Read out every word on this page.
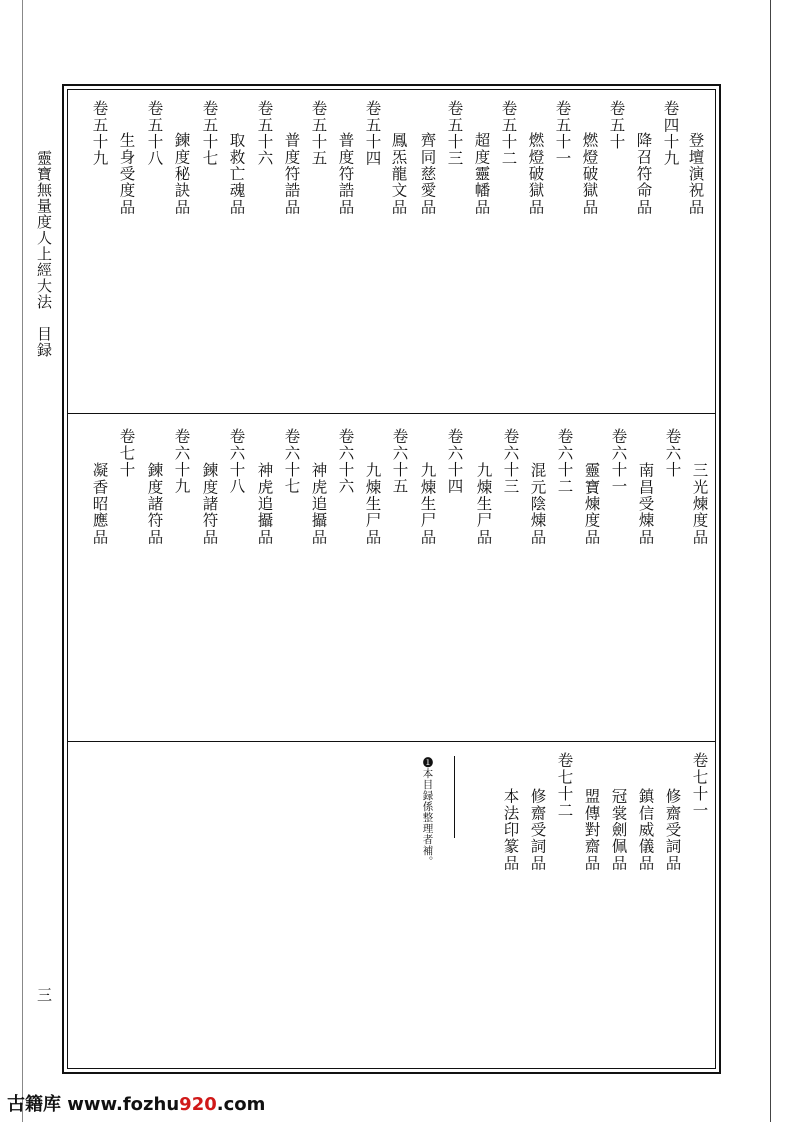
靈寶無量度人上經大法　目録
三
登壇演祝品
卷四十九
降召符命品
卷五十
燃燈破獄品
卷五十一
燃燈破獄品
卷五十二
超度靈幡品
卷五十三
齊同慈愛品
卷五十四 鳳炁龍文品
卷五十五 普度符誥品
卷五十六 普度符誥品
卷五十七 取救亡魂品
卷五十八 鍊度秘訣品
卷五十九 生身受度品
三光煉度品
卷六十
南昌受煉品
卷六十一
靈寶煉度品
卷六十二
混元陰煉品
卷六十三
九煉生尸品
卷六十四
九煉生尸品
卷六十五
九煉生尸品
卷六十六
神虎追攝品
卷六十七
神虎追攝品
卷六十八
鍊度諸符品
卷六十九
鍊度諸符品
卷七十
凝香昭應品
卷七十一
修齋受詞品
鎮信威儀品
冠裳劍佩品
盟傳對齋品
卷七十二
修齋受詞品
本法印篆品
❶本目録係整理者補。
古籍库 www.fozhu920.com
